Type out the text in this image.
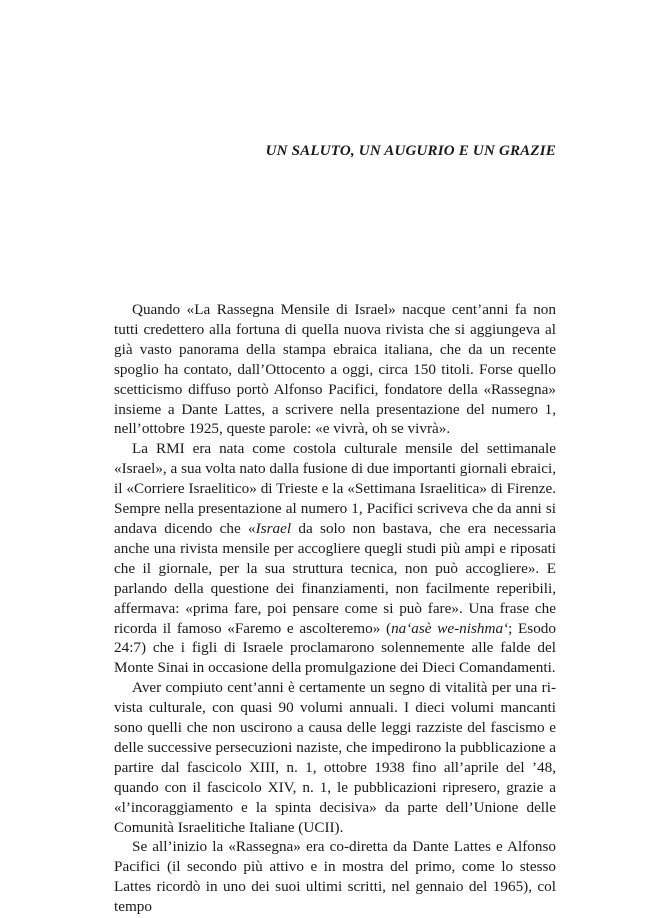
UN SALUTO, UN AUGURIO E UN GRAZIE

Quando «La Rassegna Mensile di Israel» nacque cent’anni fa non tutti credettero alla fortuna di quella nuova rivista che si aggiungeva al già vasto panorama della stampa ebraica italiana, che da un recente spoglio ha contato, dall’Ottocento a oggi, circa 150 titoli. Forse quello scetticismo diffuso portò Alfonso Pacifici, fondatore della «Rassegna» insieme a Dante Lattes, a scrivere nella presentazione del numero 1, nell’ottobre 1925, queste parole: «e vivrà, oh se vivrà».

La RMI era nata come costola culturale mensile del settimanale «Israel», a sua volta nato dalla fusione di due importanti giornali ebraici, il «Corriere Israelitico» di Trieste e la «Settimana Israelitica» di Firenze. Sempre nella presentazione al numero 1, Pacifici scriveva che da anni si andava dicendo che «Israel da solo non bastava, che era necessaria anche una rivista mensile per accogliere quegli studi più ampi e riposati che il giornale, per la sua struttura tecnica, non può accogliere». E parlando della questione dei finanziamenti, non facilmente reperibili, affermava: «prima fare, poi pensare come si può fare». Una frase che ricorda il famoso «Faremo e ascolteremo» (na‘asè we-nishma‘; Esodo 24:7) che i figli di Israele proclamarono solennemente alle falde del Monte Sinai in occasione della promulgazione dei Dieci Comandamenti.

Aver compiuto cent’anni è certamente un segno di vitalità per una rivista culturale, con quasi 90 volumi annuali. I dieci volumi mancanti sono quelli che non uscirono a causa delle leggi razziste del fascismo e delle successive persecuzioni naziste, che impedirono la pubblicazione a partire dal fascicolo XIII, n. 1, ottobre 1938 fino all’aprile del ’48, quando con il fascicolo XIV, n. 1, le pubblicazioni ripresero, grazie a «l’incoraggiamento e la spinta decisiva» da parte dell’Unione delle Comunità Israelitiche Italiane (UCII).

Se all’inizio la «Rassegna» era co-diretta da Dante Lattes e Alfonso Pacifici (il secondo più attivo e in mostra del primo, come lo stesso Lattes ricordò in uno dei suoi ultimi scritti, nel gennaio del 1965), col tempo
